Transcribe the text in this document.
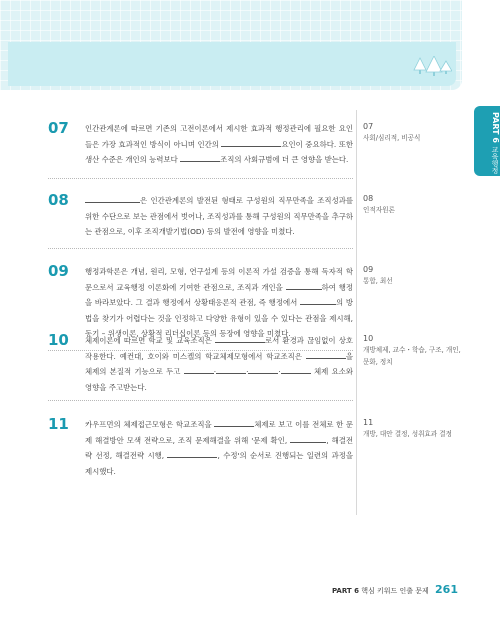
PART 6
교육행정
07	인간관계론에 따르면 기존의 고전이론에서 제시한 효과적 행정관리에 필요한 요인들은 가장 효과적인 방식이 아니며 인간의	요인이 중요하다. 또한 생산 수준은 개인의 능력보다	조직의 사회규범에 더 큰 영향을 받는다.
07
사회/심리적, 비공식
08	은 인간관계론의 발전된 형태로 구성원의 직무만족을 조직성과를 위한 수단으로 보는 관점에서 벗어나, 조직성과를 통해 구성원의 직무만족을 추구하는 관점으로, 이후 조직개발기법(OD) 등의 발전에 영향을 미쳤다.
08
인적자원론
09	행정과학론은 개념, 원리, 모형, 연구설계 등의 이론적 가설 검증을 통해 독자적 학문으로서 교육행정 이론화에 기여한 관점으로, 조직과 개인을	하여 행정을 바라보았다. 그 결과 행정에서 상황태응론적 관점, 즉 행정에서	의 방법을 찾기가 어렵다는 것을 인정하고 다양한 유형이 있을 수 있다는 관점을 제시해, 동기 – 위생이론, 상황적 리더십이론 등의 등장에 영향을 미쳤다.
09
통합, 최선
10	체제이론에 따르면 학교 및 교육조직은	로서 환경과 끊임없이 상호작용한다. 예컨대, 호이와 미스켈의 학교체제모형에서 학교조직은	을 체제의 본질적 기능으로 두고	·	·	·	체제 요소와 영향을 주고받는다.
10
개방체제, 교수・학습, 구조, 개인, 문화, 정치
11	카우프먼의 체제접근모형은 학교조직을	체제로 보고 이를 전체로 한 문제 해결방안 모색 전략으로, 조직 문제해결을 위해 '문제 확인,	, 해결전략 선정, 해결전략 시행,	, 수정'의 순서로 진행되는 일련의 과정을 제시했다.
11
개방, 대안 결정, 성취효과 결정
PART 6 핵심 키워드 인출 문제 261
